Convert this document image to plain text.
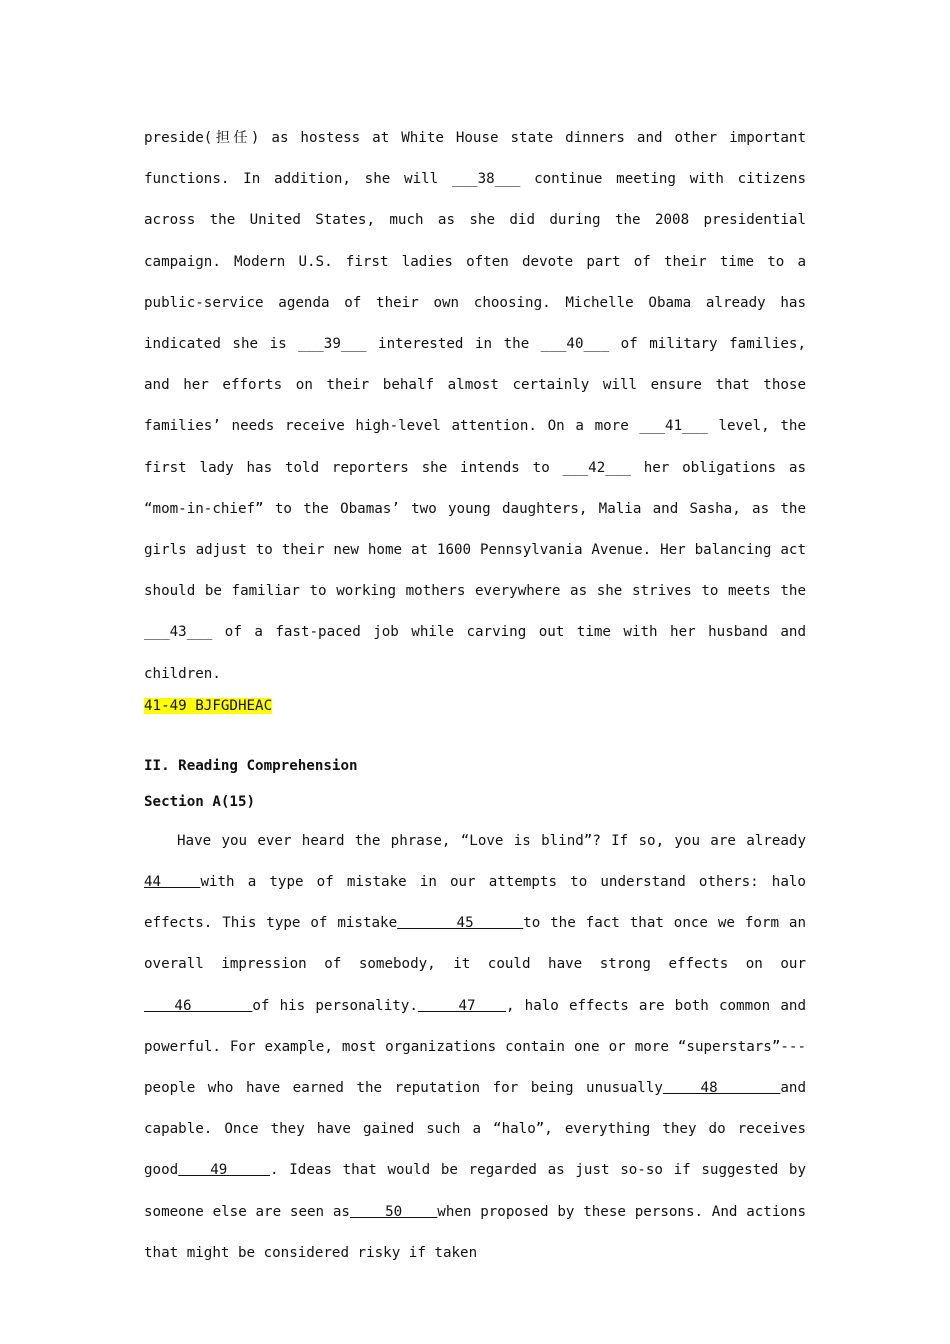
preside(担任) as hostess at White House state dinners and other important functions. In addition, she will ___38___ continue meeting with citizens across the United States, much as she did during the 2008 presidential campaign. Modern U.S. first ladies often devote part of their time to a public-service agenda of their own choosing. Michelle Obama already has indicated she is ___39___ interested in the ___40___ of military families, and her efforts on their behalf almost certainly will ensure that those families’ needs receive high-level attention. On a more ___41___ level, the first lady has told reporters she intends to ___42___ her obligations as “mom-in-chief” to the Obamas’ two young daughters, Malia and Sasha, as the girls adjust to their new home at 1600 Pennsylvania Avenue. Her balancing act should be familiar to working mothers everywhere as she strives to meets the ___43___ of a fast-paced job while carving out time with her husband and children.

41-49 BJFGDHEAC

II. Reading Comprehension

Section A(15)

Have you ever heard the phrase, “Love is blind”? If so, you are already 44   with a type of mistake in our attempts to understand others: halo effects. This type of mistake      45     to the fact that once we form an overall impression of somebody, it could have strong effects on our   46      of his personality.    47   , halo effects are both common and powerful. For example, most organizations contain one or more “superstars”--- people who have earned the reputation for being unusually   48     and capable. Once they have gained such a “halo”, everything they do receives good   49    . Ideas that would be regarded as just so-so if suggested by someone else are seen as    50    when proposed by these persons. And actions that might be considered risky if taken
